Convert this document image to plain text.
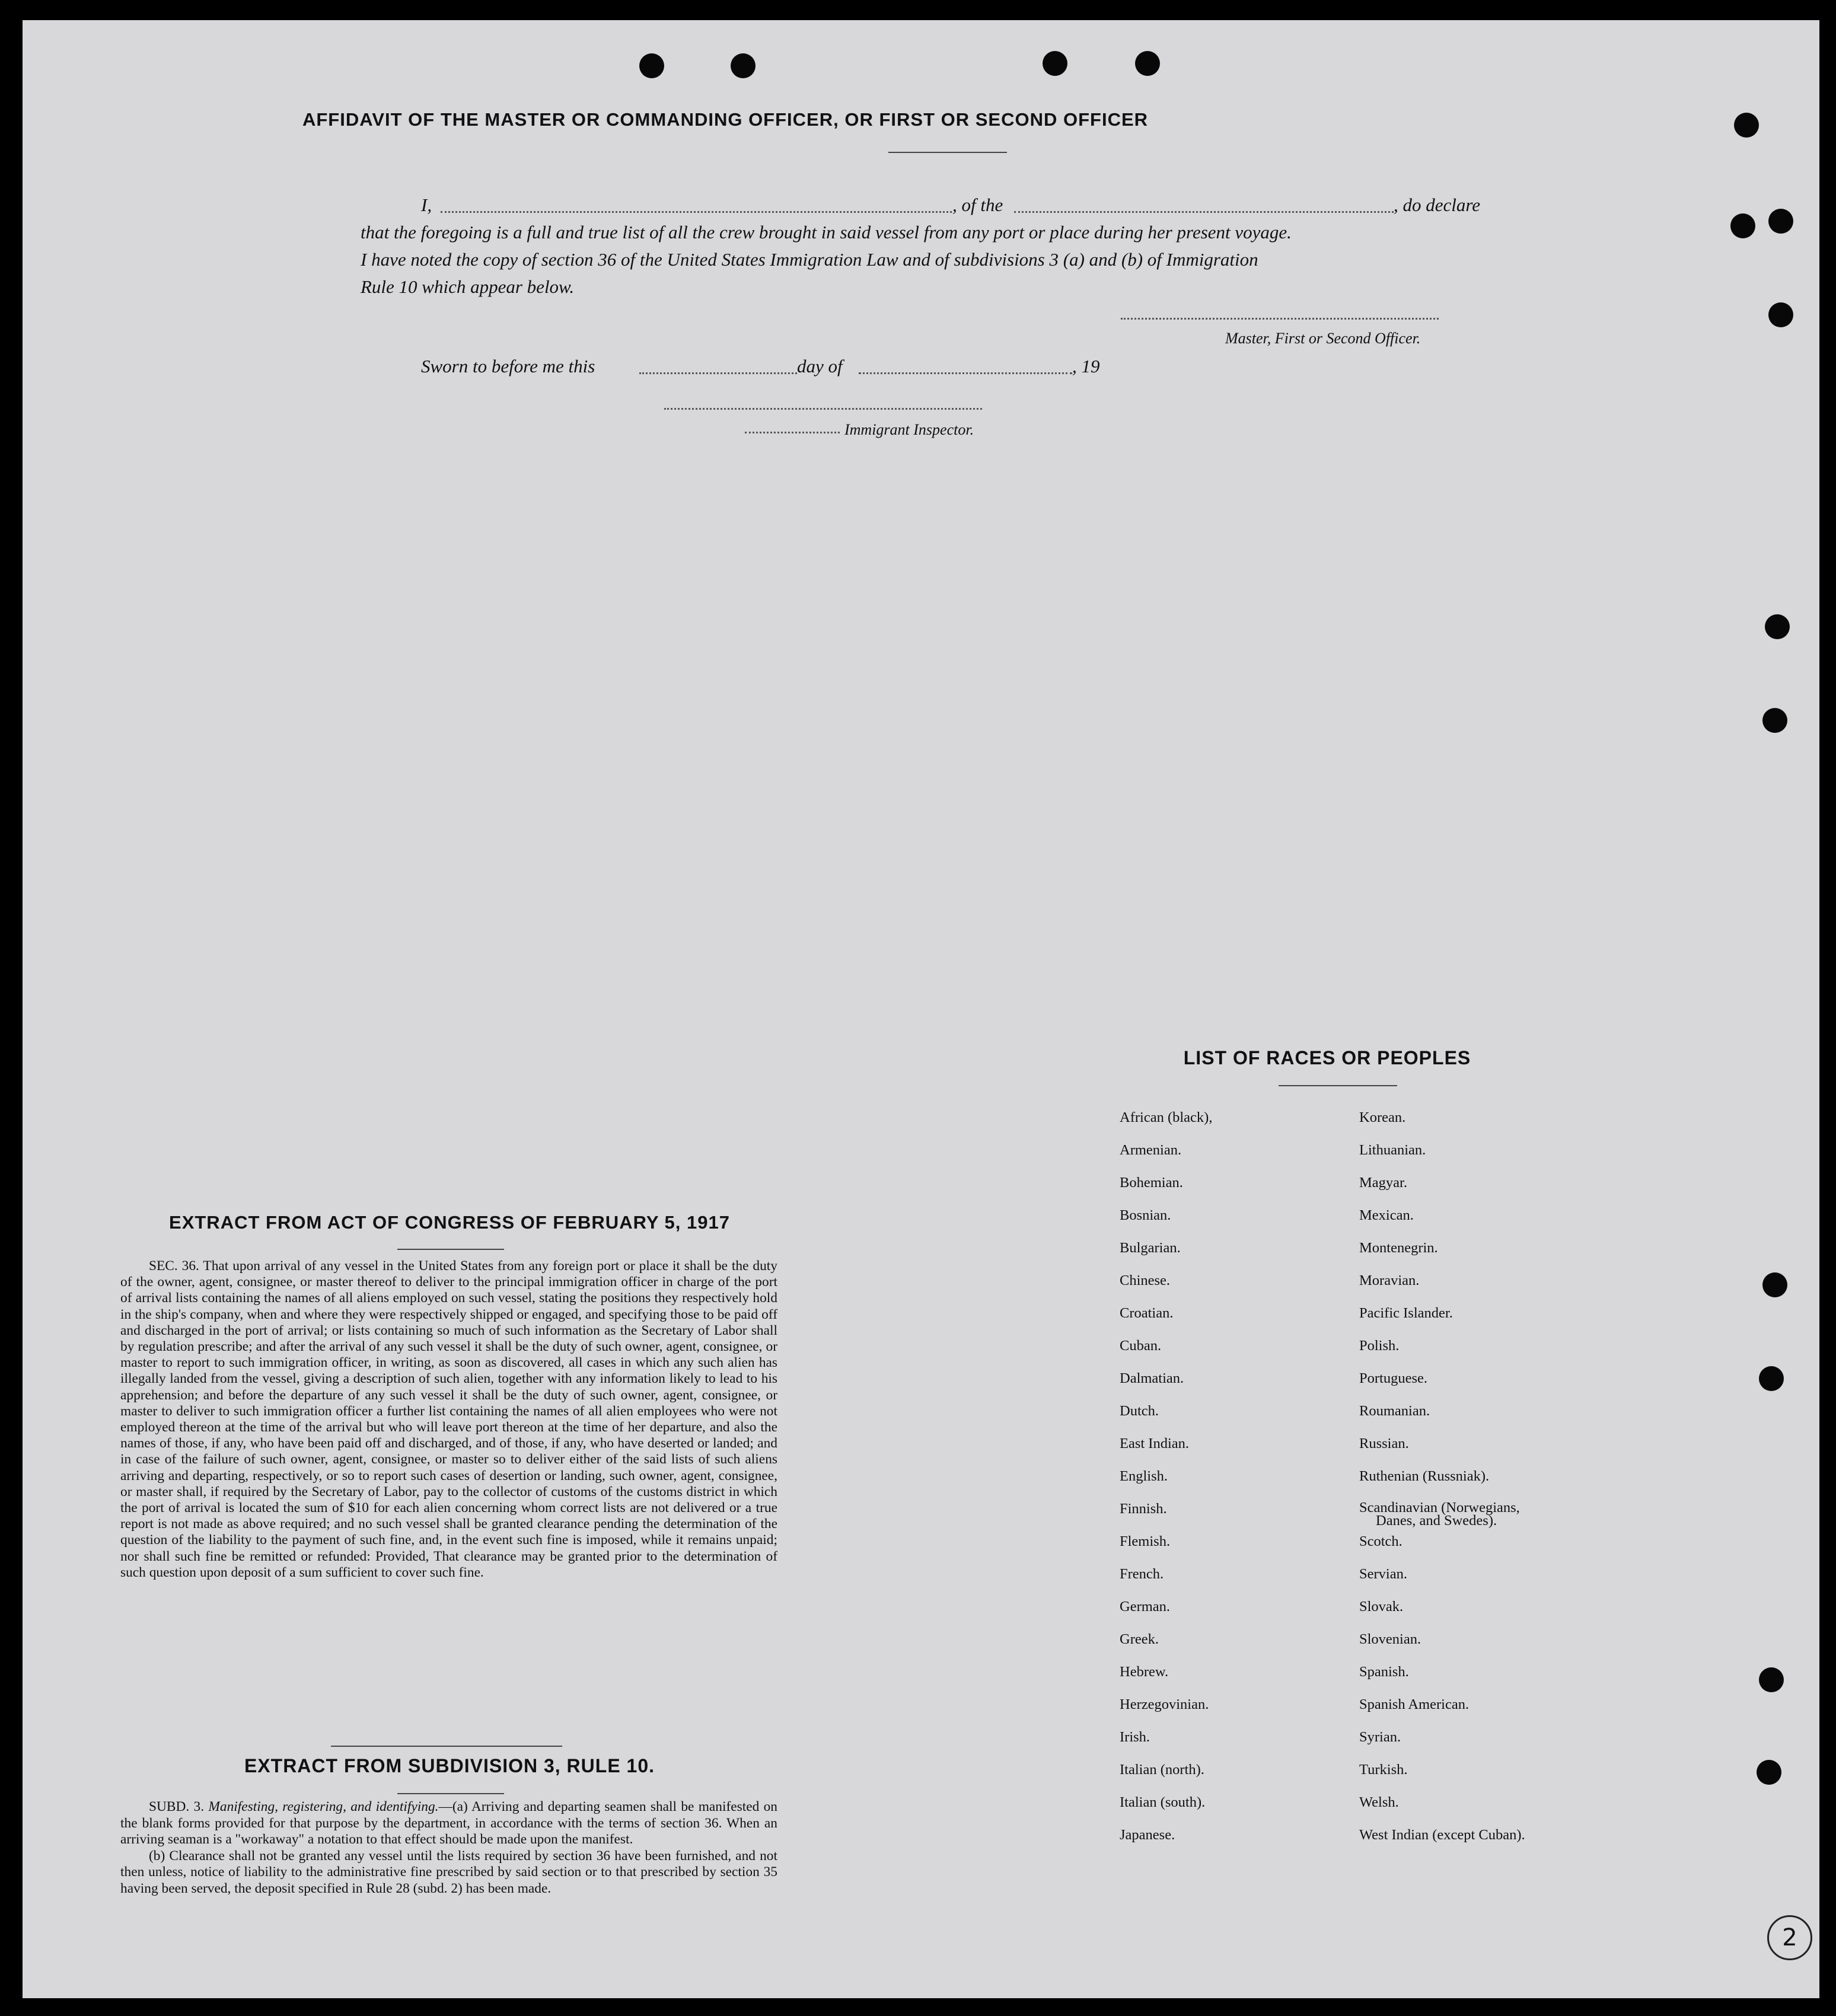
AFFIDAVIT OF THE MASTER OR COMMANDING OFFICER, OR FIRST OR SECOND OFFICER
I,	, of the	, do declare
that the foregoing is a full and true list of all the crew brought in said vessel from any port or place during her present voyage.
I have noted the copy of section 36 of the United States Immigration Law and of subdivisions 3 (a) and (b) of Immigration
Rule 10 which appear below.
Master, First or Second Officer.
Sworn to before me this	day of	, 19
Immigrant Inspector.
LIST OF RACES OR PEOPLES
African (black),
Armenian.
Bohemian.
Bosnian.
Bulgarian.
Chinese.
Croatian.
Cuban.
Dalmatian.
Dutch.
East Indian.
English.
Finnish.
Flemish.
French.
German.
Greek.
Hebrew.
Herzegovinian.
Irish.
Italian (north).
Italian (south).
Japanese.
Korean.
Lithuanian.
Magyar.
Mexican.
Montenegrin.
Moravian.
Pacific Islander.
Polish.
Portuguese.
Roumanian.
Russian.
Ruthenian (Russniak).
Scandinavian (Norwegians,
Danes, and Swedes).
Scotch.
Servian.
Slovak.
Slovenian.
Spanish.
Spanish American.
Syrian.
Turkish.
Welsh.
West Indian (except Cuban).
EXTRACT FROM ACT OF CONGRESS OF FEBRUARY 5, 1917

SEC. 36. That upon arrival of any vessel in the United States from any foreign port or place it shall be the duty of the owner, agent, consignee, or master thereof to deliver to the principal immigration officer in charge of the port of arrival lists containing the names of all aliens employed on such vessel, stating the positions they respectively hold in the ship's company, when and where they were respectively shipped or engaged, and specifying those to be paid off and discharged in the port of arrival; or lists containing so much of such information as the Secretary of Labor shall by regulation prescribe; and after the arrival of any such vessel it shall be the duty of such owner, agent, consignee, or master to report to such immigration officer, in writing, as soon as discovered, all cases in which any such alien has illegally landed from the vessel, giving a description of such alien, together with any information likely to lead to his apprehension; and before the departure of any such vessel it shall be the duty of such owner, agent, consignee, or master to deliver to such immigration officer a further list containing the names of all alien employees who were not employed thereon at the time of the arrival but who will leave port thereon at the time of her departure, and also the names of those, if any, who have been paid off and discharged, and of those, if any, who have deserted or landed; and in case of the failure of such owner, agent, consignee, or master so to deliver either of the said lists of such aliens arriving and departing, respectively, or so to report such cases of desertion or landing, such owner, agent, consignee, or master shall, if required by the Secretary of Labor, pay to the collector of customs of the customs district in which the port of arrival is located the sum of $10 for each alien concerning whom correct lists are not delivered or a true report is not made as above required; and no such vessel shall be granted clearance pending the determination of the question of the liability to the payment of such fine, and, in the event such fine is imposed, while it remains unpaid; nor shall such fine be remitted or refunded: Provided, That clearance may be granted prior to the determination of such question upon deposit of a sum sufficient to cover such fine.

EXTRACT FROM SUBDIVISION 3, RULE 10.

SUBD. 3. Manifesting, registering, and identifying.—(a) Arriving and departing seamen shall be manifested on the blank forms provided for that purpose by the department, in accordance with the terms of section 36. When an arriving seaman is a "workaway" a notation to that effect should be made upon the manifest.

(b) Clearance shall not be granted any vessel until the lists required by section 36 have been furnished, and not then unless, notice of liability to the administrative fine prescribed by said section or to that prescribed by section 35 having been served, the deposit specified in Rule 28 (subd. 2) has been made.

2
